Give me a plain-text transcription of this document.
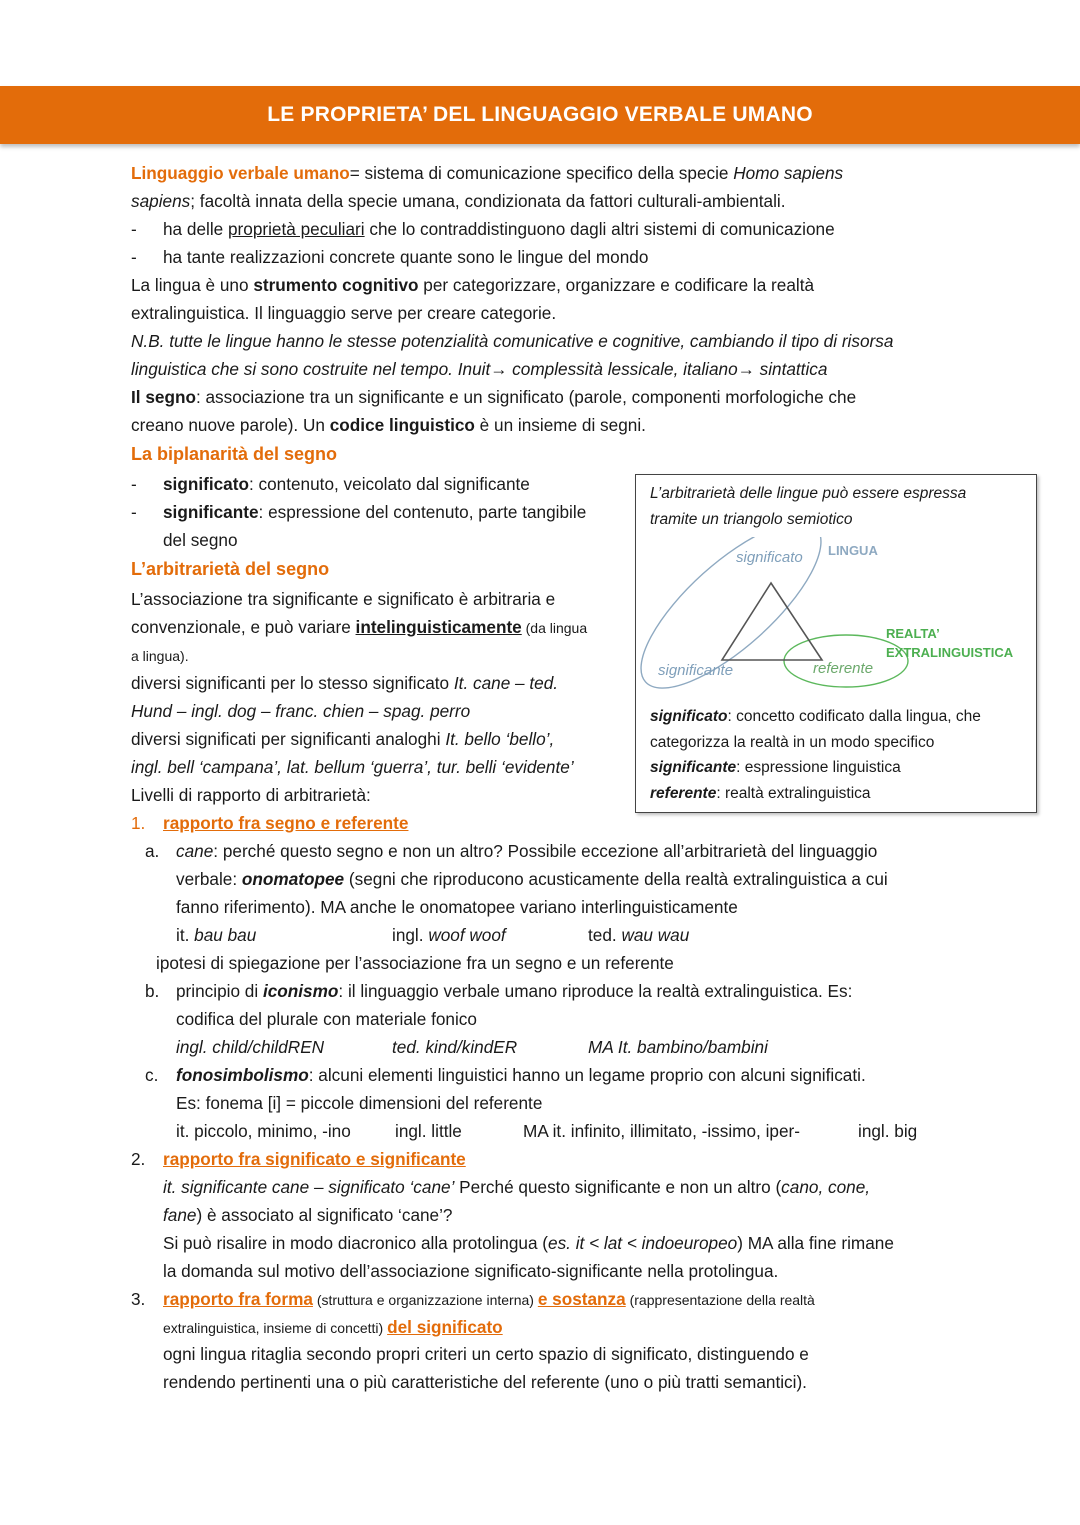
LE PROPRIETA’ DEL LINGUAGGIO VERBALE UMANO
Linguaggio verbale umano= sistema di comunicazione specifico della specie Homo sapiens
sapiens; facoltà innata della specie umana, condizionata da fattori culturali-ambientali.
- ha delle proprietà peculiari che lo contraddistinguono dagli altri sistemi di comunicazione
- ha tante realizzazioni concrete quante sono le lingue del mondo
La lingua è uno strumento cognitivo per categorizzare, organizzare e codificare la realtà
extralinguistica. Il linguaggio serve per creare categorie.
N.B. tutte le lingue hanno le stesse potenzialità comunicative e cognitive, cambiando il tipo di risorsa
linguistica che si sono costruite nel tempo. Inuit→ complessità lessicale, italiano→ sintattica
Il segno: associazione tra un significante e un significato (parole, componenti morfologiche che
creano nuove parole). Un codice linguistico è un insieme di segni.
La biplanarità del segno
- significato: contenuto, veicolato dal significante
- significante: espressione del contenuto, parte tangibile
del segno
L’arbitrarietà del segno
L’associazione tra significante e significato è arbitraria e
convenzionale, e può variare intelinguisticamente (da lingua
a lingua).
diversi significanti per lo stesso significato It. cane – ted.
Hund – ingl. dog – franc. chien – spag. perro
diversi significati per significanti analoghi It. bello ‘bello’,
ingl. bell ‘campana’, lat. bellum ‘guerra’, tur. belli ‘evidente’
Livelli di rapporto di arbitrarietà:
L’arbitrarietà delle lingue può essere espressa
tramite un triangolo semiotico
significato LINGUA
significante	referente
REALTA’
EXTRALINGUISTICA
significato: concetto codificato dalla lingua, che
categorizza la realtà in un modo specifico
significante: espressione linguistica
referente: realtà extralinguistica
1. rapporto fra segno e referente
a. cane: perché questo segno e non un altro? Possibile eccezione all’arbitrarietà del linguaggio
verbale: onomatopee (segni che riproducono acusticamente della realtà extralinguistica a cui
fanno riferimento). MA anche le onomatopee variano interlinguisticamente
it. bau bau	ingl. woof woof	ted. wau wau
ipotesi di spiegazione per l’associazione fra un segno e un referente
b. principio di iconismo: il linguaggio verbale umano riproduce la realtà extralinguistica. Es:
codifica del plurale con materiale fonico
ingl. child/childREN	ted. kind/kindER	MA It. bambino/bambini
c. fonosimbolismo: alcuni elementi linguistici hanno un legame proprio con alcuni significati.
Es: fonema [i] = piccole dimensioni del referente
it. piccolo, minimo, -ino	ingl. little	MA it. infinito, illimitato, -issimo, iper-	ingl. big
2. rapporto fra significato e significante
it. significante cane – significato ‘cane’ Perché questo significante e non un altro (cano, cone,
fane) è associato al significato ‘cane’?
Si può risalire in modo diacronico alla protolingua (es. it < lat < indoeuropeo) MA alla fine rimane
la domanda sul motivo dell’associazione significato-significante nella protolingua.
3. rapporto fra forma (struttura e organizzazione interna) e sostanza (rappresentazione della realtà
extralinguistica, insieme di concetti) del significato
ogni lingua ritaglia secondo propri criteri un certo spazio di significato, distinguendo e
rendendo pertinenti una o più caratteristiche del referente (uno o più tratti semantici).
